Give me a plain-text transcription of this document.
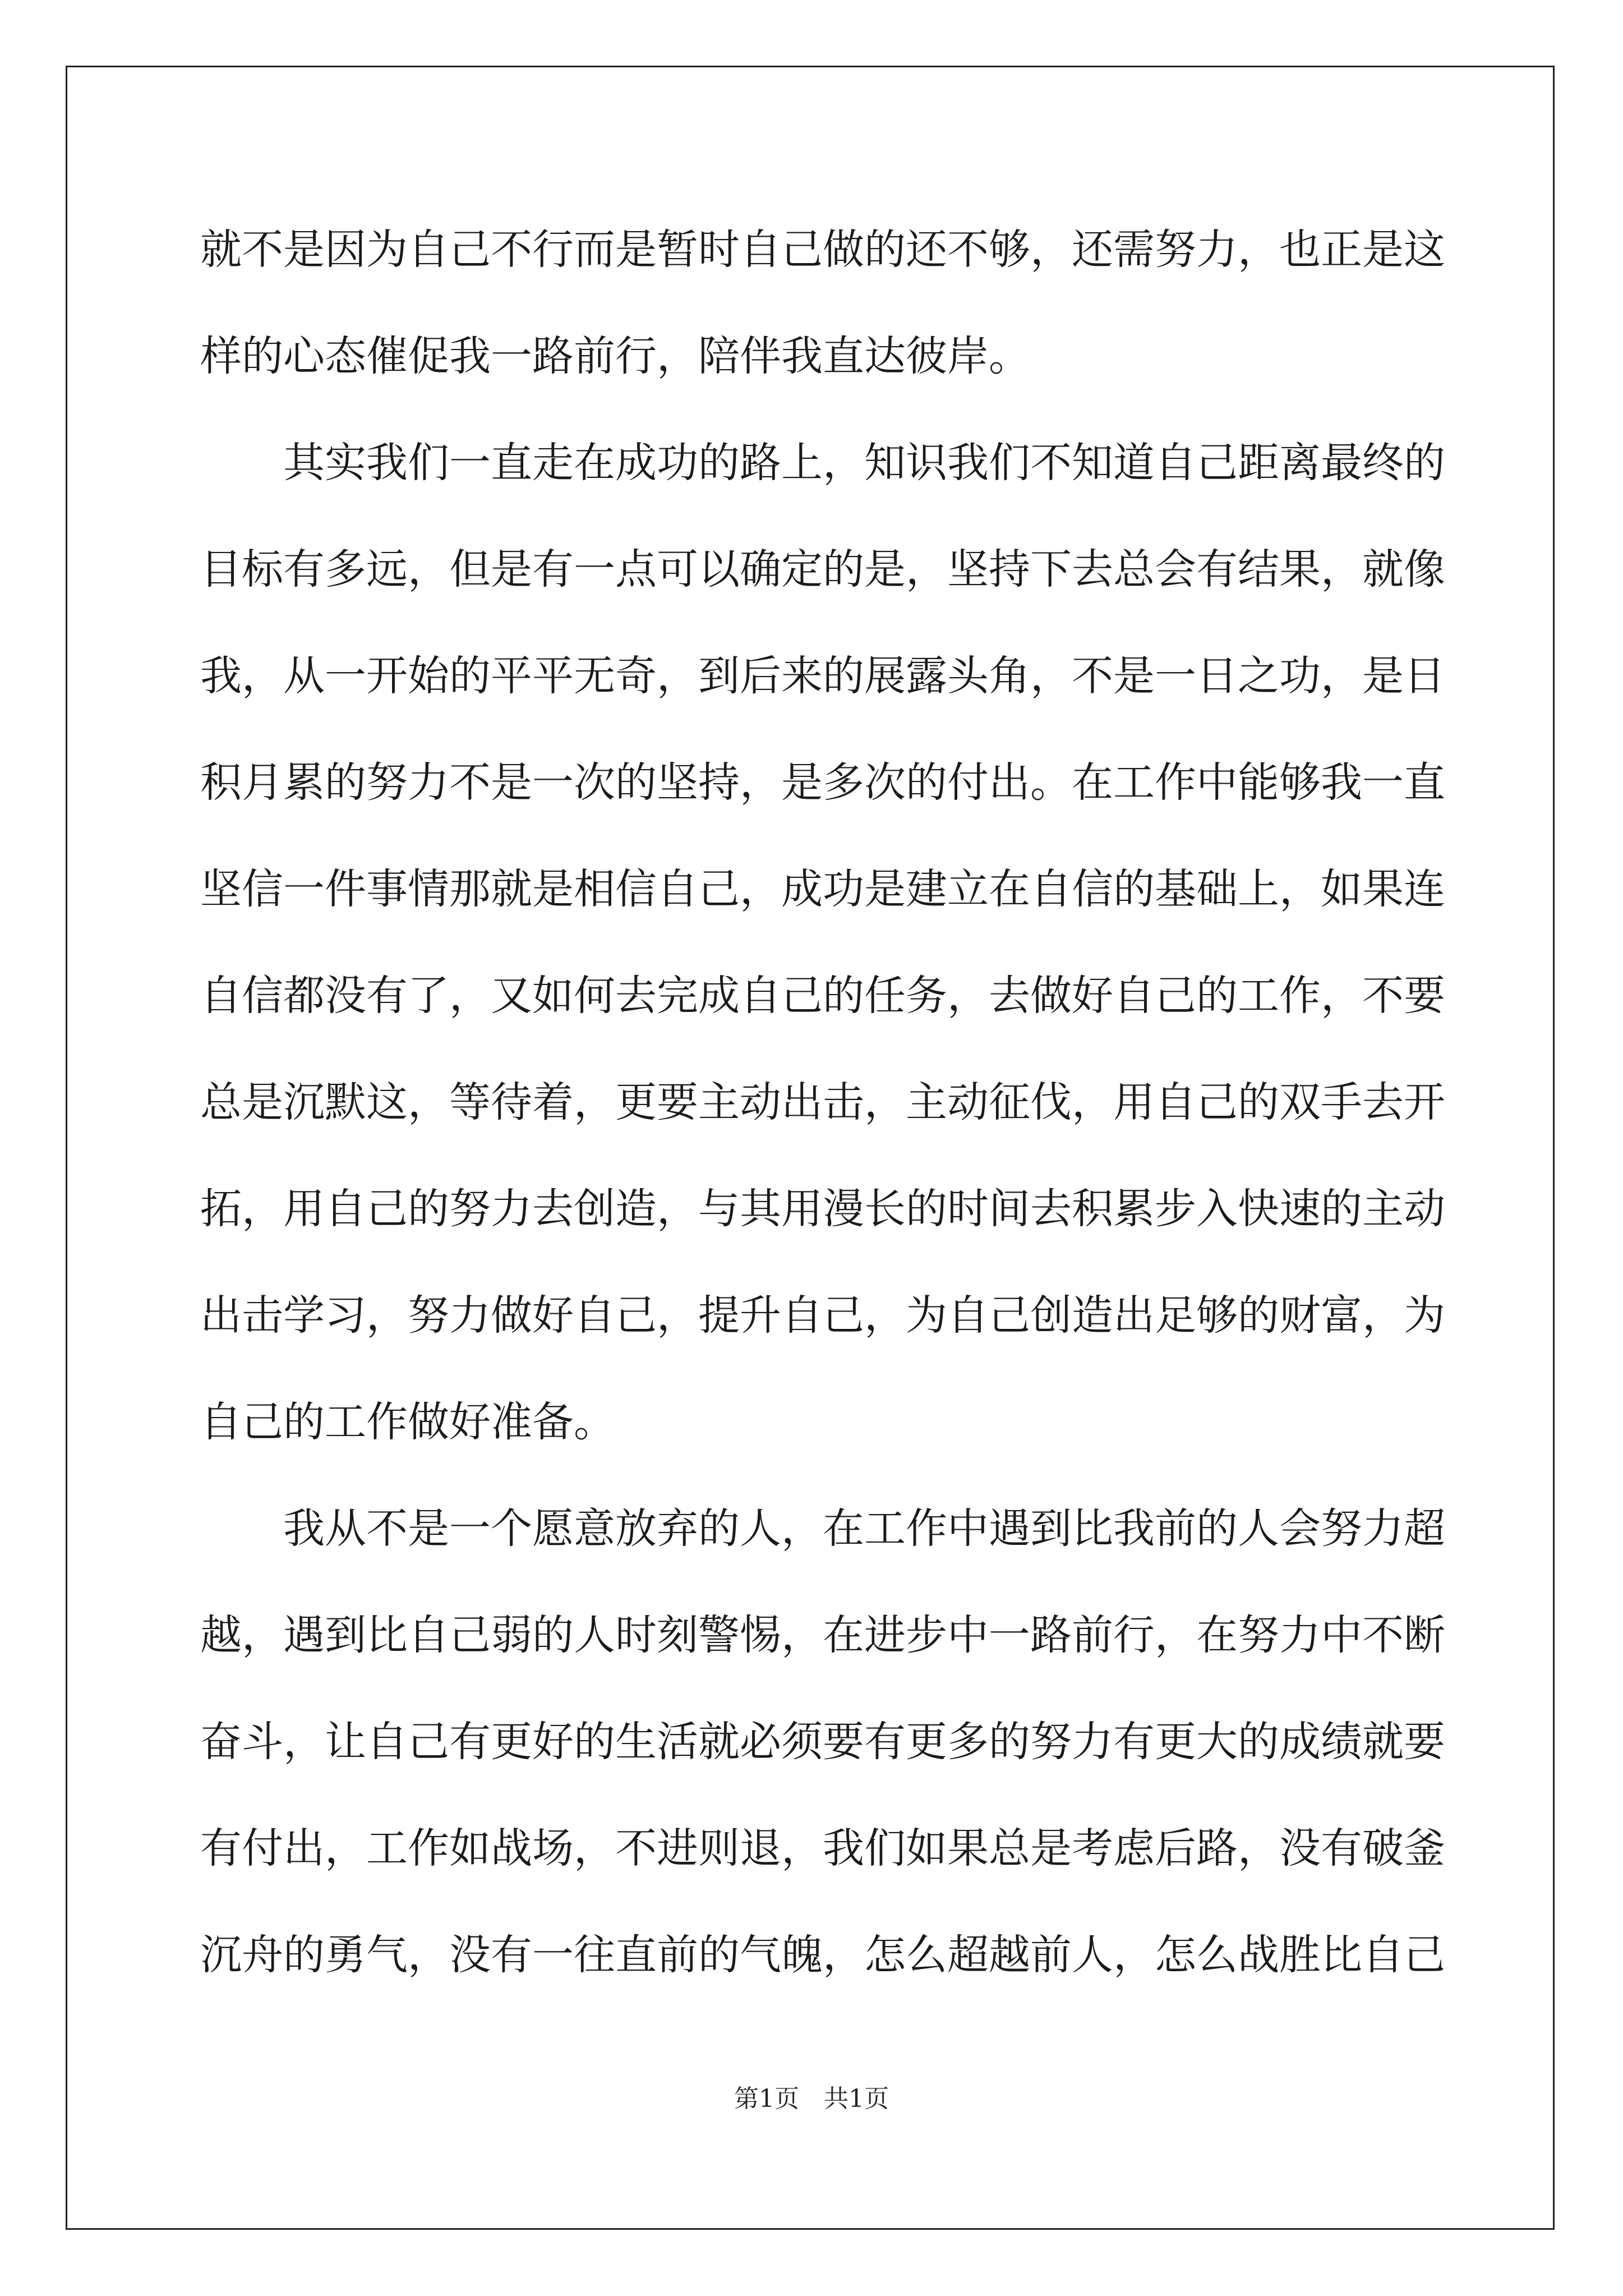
就不是因为自己不行而是暂时自己做的还不够，还需努力，也正是这
样的心态催促我一路前行，陪伴我直达彼岸。
其实我们一直走在成功的路上，知识我们不知道自己距离最终的
目标有多远，但是有一点可以确定的是，坚持下去总会有结果，就像
我，从一开始的平平无奇，到后来的展露头角，不是一日之功，是日
积月累的努力不是一次的坚持，是多次的付出。在工作中能够我一直
坚信一件事情那就是相信自己，成功是建立在自信的基础上，如果连
自信都没有了，又如何去完成自己的任务，去做好自己的工作，不要
总是沉默这，等待着，更要主动出击，主动征伐，用自己的双手去开
拓，用自己的努力去创造，与其用漫长的时间去积累步入快速的主动
出击学习，努力做好自己，提升自己，为自己创造出足够的财富，为
自己的工作做好准备。
我从不是一个愿意放弃的人，在工作中遇到比我前的人会努力超
越，遇到比自己弱的人时刻警惕，在进步中一路前行，在努力中不断
奋斗，让自己有更好的生活就必须要有更多的努力有更大的成绩就要
有付出，工作如战场，不进则退，我们如果总是考虑后路，没有破釜
沉舟的勇气，没有一往直前的气魄，怎么超越前人，怎么战胜比自己
第1页　共1页
